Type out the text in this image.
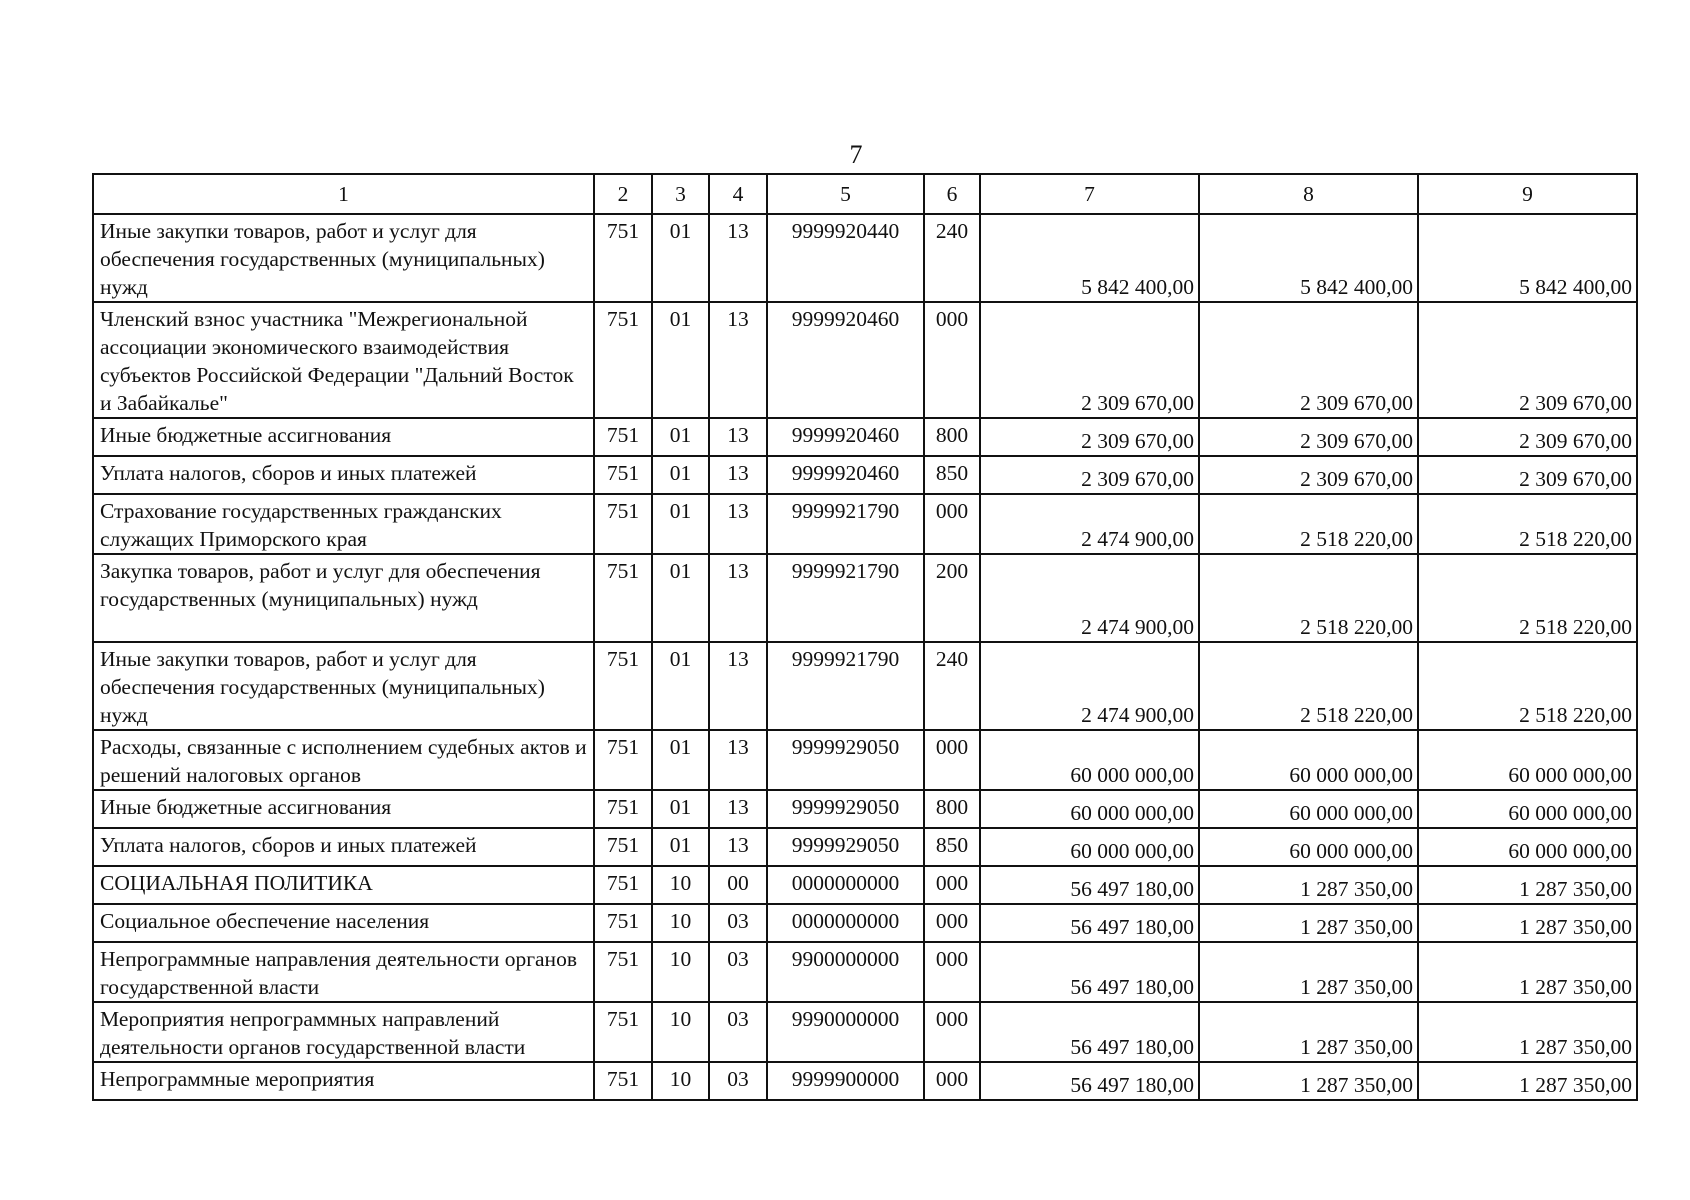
7
1	2	3	4	5	6	7	8	9
Иные закупки товаров, работ и услуг для обеспечения государственных (муниципальных) нужд	751	01	13	9999920440	240	5 842 400,00	5 842 400,00	5 842 400,00
Членский взнос участника "Межрегиональной ассоциации экономического взаимодействия субъектов Российской Федерации "Дальний Восток и Забайкалье"	751	01	13	9999920460	000	2 309 670,00	2 309 670,00	2 309 670,00
Иные бюджетные ассигнования	751	01	13	9999920460	800	2 309 670,00	2 309 670,00	2 309 670,00
Уплата налогов, сборов и иных платежей	751	01	13	9999920460	850	2 309 670,00	2 309 670,00	2 309 670,00
Страхование государственных гражданских служащих Приморского края	751	01	13	9999921790	000	2 474 900,00	2 518 220,00	2 518 220,00
Закупка товаров, работ и услуг для обеспечения государственных (муниципальных) нужд	751	01	13	9999921790	200	2 474 900,00	2 518 220,00	2 518 220,00
Иные закупки товаров, работ и услуг для обеспечения государственных (муниципальных) нужд	751	01	13	9999921790	240	2 474 900,00	2 518 220,00	2 518 220,00
Расходы, связанные с исполнением судебных актов и решений налоговых органов	751	01	13	9999929050	000	60 000 000,00	60 000 000,00	60 000 000,00
Иные бюджетные ассигнования	751	01	13	9999929050	800	60 000 000,00	60 000 000,00	60 000 000,00
Уплата налогов, сборов и иных платежей	751	01	13	9999929050	850	60 000 000,00	60 000 000,00	60 000 000,00
СОЦИАЛЬНАЯ ПОЛИТИКА	751	10	00	0000000000	000	56 497 180,00	1 287 350,00	1 287 350,00
Социальное обеспечение населения	751	10	03	0000000000	000	56 497 180,00	1 287 350,00	1 287 350,00
Непрограммные направления деятельности органов государственной власти	751	10	03	9900000000	000	56 497 180,00	1 287 350,00	1 287 350,00
Мероприятия непрограммных направлений деятельности органов государственной власти	751	10	03	9990000000	000	56 497 180,00	1 287 350,00	1 287 350,00
Непрограммные мероприятия	751	10	03	9999900000	000	56 497 180,00	1 287 350,00	1 287 350,00
